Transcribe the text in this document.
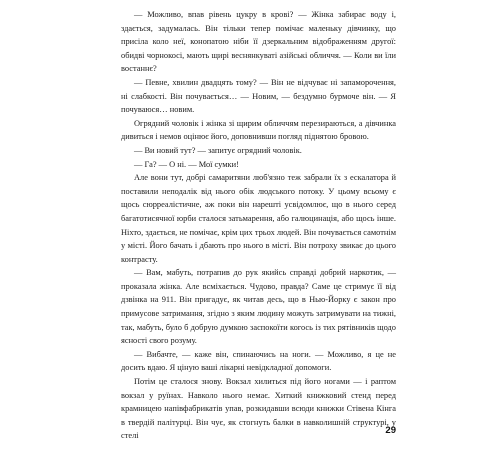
— Можливо, впав рівень цукру в крові? — Жінка забирає воду і, здається, задумалась. Він тільки тепер помічає маленьку дівчинку, що присіла коло неї, конопатою ніби її дзеркальним відображенням другої: обидві чорнокосі, мають щирі веснянкуваті азійські обличчя. — Коли ви їли востаннє?

— Певне, хвилин двадцять тому? — Він не відчуває ні запаморочення, ні слабкості. Він почувається… — Новим, — бездумно бурмоче він. — Я почуваюся… новим.

Огрядний чоловік і жінка зі щирим обличчям перезираються, а дівчинка дивиться і немов оцінює його, доповнивши погляд піднятою бровою.

— Ви новий тут? — запитує огрядний чоловік.

— Га? — О ні. — Мої сумки!

Але вони тут, добрі самаритяни люб'язно теж забрали їх з ескалатора й поставили неподалік від нього обік людського потоку. У цьому всьому є щось сюрреалістичне, аж поки він нарешті усвідомлює, що в нього серед багатотисячної юрби сталося затьмарення, або галюцинація, або щось інше. Ніхто, здається, не помічає, крім цих трьох людей. Він почувається самотнім у місті. Його бачать і дбають про нього в місті. Він потроху звикає до цього контрасту.

— Вам, мабуть, потрапив до рук якийсь справді добрий наркотик, — проказала жінка. Але всміхається. Чудово, правда? Саме це стримує її від дзвінка на 911. Він пригадує, як читав десь, що в Нью-Йорку є закон про примусове затримання, згідно з яким людину можуть затримувати на тижні, так, мабуть, було б добрую думкою заспокоїти когось із тих рятівників щодо ясності свого розуму.

— Вибачте, — каже він, спинаючись на ноги. — Можливо, я це не досить вдаю. Я ціную ваші лікарні невідкладної допомоги.

Потім це сталося знову. Вокзал хилиться під його ногами — і раптом вокзал у руїнах. Навколо нього немає. Хиткий книжковий стенд перед крамницею напівфабрикатів упав, розкидавши всюди книжки Стівена Кінга в твердій палітурці. Він чує, як стогнуть балки в навколишній структурі, у стелі	29
